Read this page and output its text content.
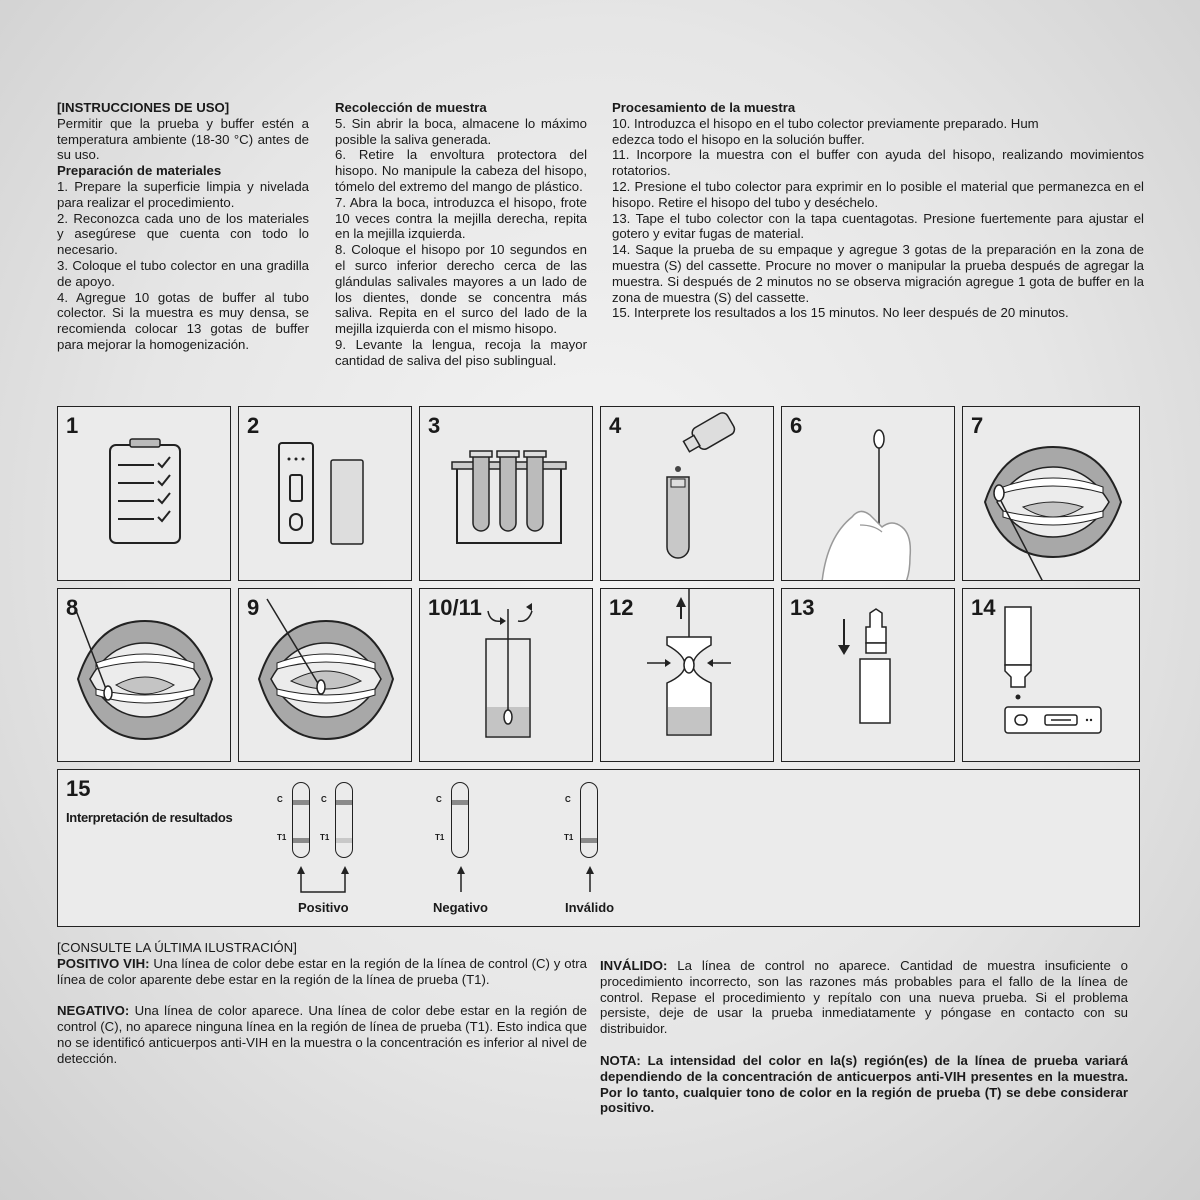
[INSTRUCCIONES DE USO]

Permitir que la prueba y buffer estén a temperatura ambiente (18-30 °C) antes de su uso.

Preparación de materiales

1. Prepare la superficie limpia y nivelada para realizar el procedimiento.

2. Reconozca cada uno de los materiales y asegúrese que cuenta con todo lo necesario.

3. Coloque el tubo colector en una gradilla de apoyo.

4. Agregue 10 gotas de buffer al tubo colector. Si la muestra es muy densa, se recomienda colocar 13 gotas de buffer para mejorar la homogenización.

Recolección de muestra

5. Sin abrir la boca, almacene lo máximo posible la saliva generada.

6. Retire la envoltura protectora del hisopo. No manipule la cabeza del hisopo, tómelo del extremo del mango de plástico.

7. Abra la boca, introduzca el hisopo, frote 10 veces contra la mejilla derecha, repita en la mejilla izquierda.

8. Coloque el hisopo por 10 segundos en el surco inferior derecho cerca de las glándulas salivales mayores a un lado de los dientes, donde se concentra más saliva. Repita en el surco del lado de la mejilla izquierda con el mismo hisopo.

9. Levante la lengua, recoja la mayor cantidad de saliva del piso sublingual.

Procesamiento de la muestra

10. Introduzca el hisopo en el tubo colector previamente preparado. Hum

edezca todo el hisopo en la solución buffer.

11. Incorpore la muestra con el buffer con ayuda del hisopo, realizando movimientos rotatorios.

12. Presione el tubo colector para exprimir en lo posible el material que permanezca en el hisopo. Retire el hisopo del tubo y deséchelo.

13. Tape el tubo colector con la tapa cuentagotas. Presione fuertemente para ajustar el gotero y evitar fugas de material.

14. Saque la prueba de su empaque y agregue 3 gotas de la preparación en la zona de muestra (S) del cassette. Procure no mover o manipular la prueba después de agregar la muestra. Si después de 2 minutos no se observa migración agregue 1 gota de buffer en la zona de muestra (S) del cassette.

15. Interprete los resultados a los 15 minutos. No leer después de 20 minutos.

1	2	3	4	6	7
8	9	10/11	12	13	14
15
Interpretación de resultados
C
T1
C
T1
C
T1
C
T1
Positivo	Negativo	Inválido
[CONSULTE LA ÚLTIMA ILUSTRACIÓN]
POSITIVO VIH: Una línea de color debe estar en la región de la línea de control (C) y otra línea de color aparente debe estar en la región de la línea de prueba (T1).
NEGATIVO: Una línea de color aparece. Una línea de color debe estar en la región de control (C), no aparece ninguna línea en la región de línea de prueba (T1). Esto indica que no se identificó anticuerpos anti-VIH en la muestra o la concentración es inferior al nivel de detección.
INVÁLIDO: La línea de control no aparece. Cantidad de muestra insuficiente o procedimiento incorrecto, son las razones más probables para el fallo de la línea de control. Repase el procedimiento y repítalo con una nueva prueba. Si el problema persiste, deje de usar la prueba inmediatamente y póngase en contacto con su distribuidor.
NOTA: La intensidad del color en la(s) región(es) de la línea de prueba variará dependiendo de la concentración de anticuerpos anti-VIH presentes en la muestra. Por lo tanto, cualquier tono de color en la región de prueba (T) se debe considerar positivo.
